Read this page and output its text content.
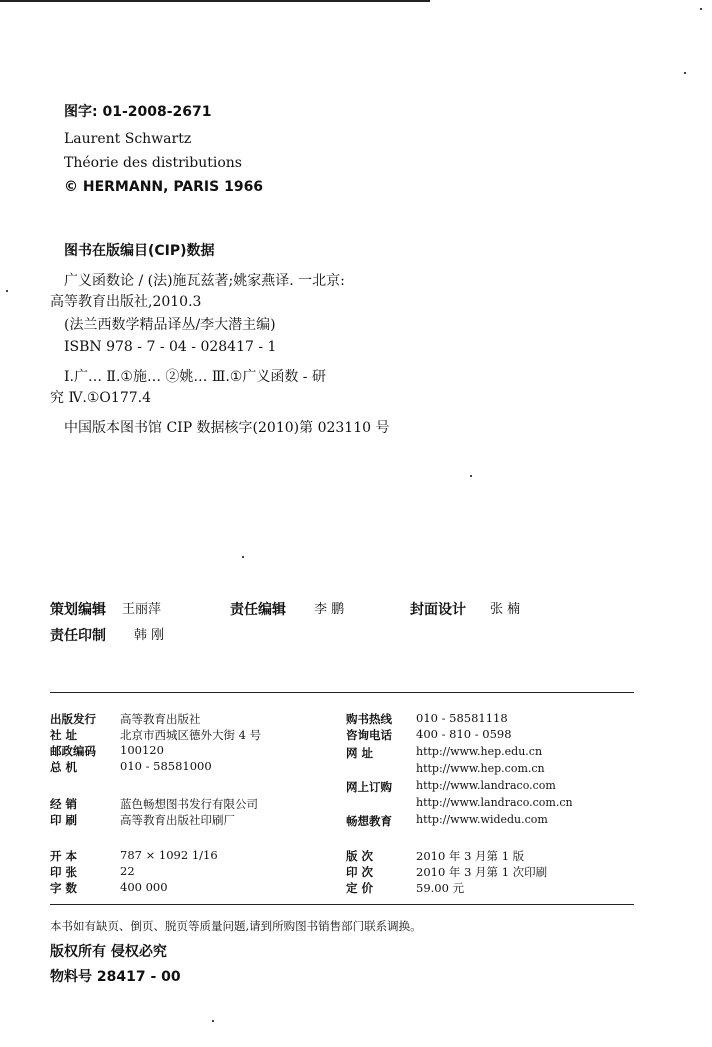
图字: 01-2008-2671
Laurent Schwartz
Théorie des distributions
© HERMANN, PARIS 1966
图书在版编目(CIP)数据
广义函数论 / (法)施瓦兹著;姚家燕译. 一北京:
高等教育出版社,2010.3
(法兰西数学精品译丛/李大潜主编)
ISBN 978 - 7 - 04 - 028417 - 1
Ⅰ.广… Ⅱ.①施… ②姚… Ⅲ.①广义函数 - 研
究 Ⅳ.①O177.4
中国版本图书馆 CIP 数据核字(2010)第 023110 号
策划编辑 王丽萍	责任编辑 李 鹏	封面设计 张 楠
责任印制 韩 刚
出版发行 高等教育出版社
社 址	北京市西城区德外大街 4 号
邮政编码 100120
总 机	010 - 58581000
经 销	蓝色畅想图书发行有限公司
印 刷	高等教育出版社印刷厂
购书热线 010 - 58581118
咨询电话 400 - 810 - 0598
网 址	http://www.hep.edu.cn
http://www.hep.com.cn
网上订购 http://www.landraco.com
http://www.landraco.com.cn
畅想教育 http://www.widedu.com
开 本	787 × 1092 1/16
印 张	22
字 数	400 000
版 次	2010 年 3 月第 1 版
印 次	2010 年 3 月第 1 次印刷
定 价	59.00 元
本书如有缺页、倒页、脱页等质量问题,请到所购图书销售部门联系调换。
版权所有 侵权必究
物料号 28417 - 00
